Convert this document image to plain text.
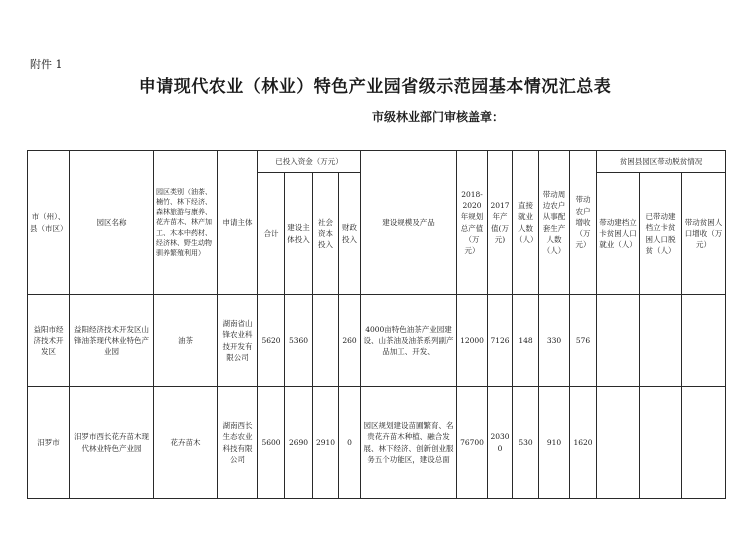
附件 1
申请现代农业（林业）特色产业园省级示范园基本情况汇总表
市级林业部门审核盖章：
市（州）、县（市区）	园区名称	园区类别（油茶、楠竹、林下经济、森林旅游与康养、花卉苗木、林产加工、木本中药材、经济林、野生动物驯养繁殖利用）	申请主体	已投入资金（万元）				建设规模及产品	2018-2020年规划总产值（万元）	2017年产值(万元)	直接就业人数（人）	带动周边农户从事配套生产人数（人）	带动农户增收（万元）	贫困县园区带动脱贫情况		
				合计	建设主体投入	社会资本投入	财政投入							带动建档立卡贫困人口就业（人）	已带动建档立卡贫困人口脱贫（人）	带动贫困人口增收（万元）
益阳市经济技术开发区	益阳经济技术开发区山锋油茶现代林业特色产业园	油茶	湖南省山锋农业科技开发有限公司	5620	5360		260	4000亩特色油茶产业园建设、山茶油及油茶系列副产品加工、开发、	12000	7126	148	330	576			
汨罗市	汨罗市西长花卉苗木现代林业特色产业园	花卉苗木	湖南西长生态农业科技有限公司	5600	2690	2910	0	园区规划建设苗圃繁育、名贵花卉苗木种植、融合发展、林下经济、创新创业服务五个功能区，建设总面	76700	20300	530	910	1620			
